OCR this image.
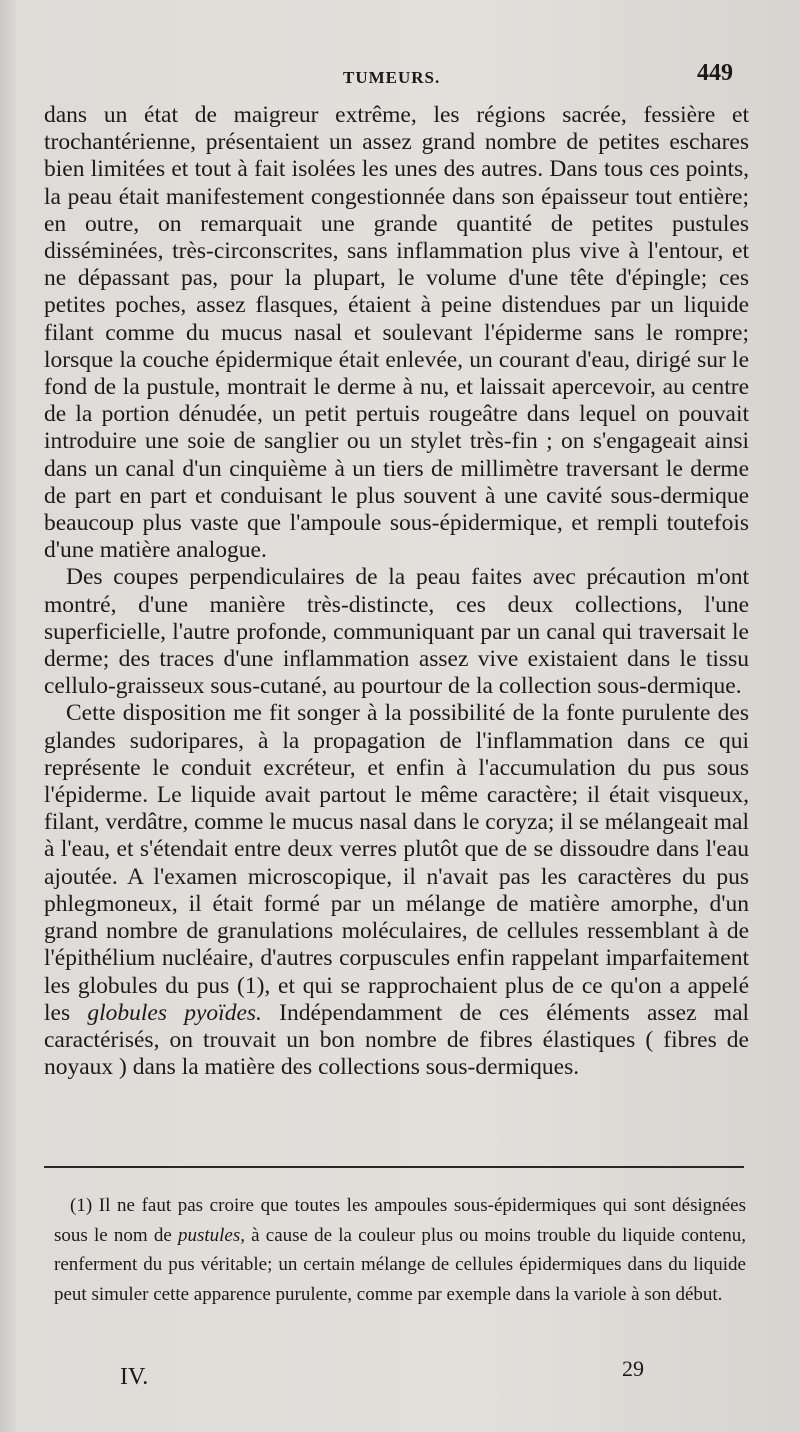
TUMEURS.	449

dans un état de maigreur extrême, les régions sacrée, fessière et trochantérienne, présentaient un assez grand nombre de petites eschares bien limitées et tout à fait isolées les unes des autres. Dans tous ces points, la peau était manifestement congestionnée dans son épaisseur tout entière; en outre, on remarquait une grande quantité de petites pustules disséminées, très-circonscrites, sans inflammation plus vive à l'entour, et ne dépassant pas, pour la plupart, le volume d'une tête d'épingle; ces petites poches, assez flasques, étaient à peine distendues par un liquide filant comme du mucus nasal et soulevant l'épiderme sans le rompre; lorsque la couche épidermique était enlevée, un courant d'eau, dirigé sur le fond de la pustule, montrait le derme à nu, et laissait apercevoir, au centre de la portion dénudée, un petit pertuis rougeâtre dans lequel on pouvait introduire une soie de sanglier ou un stylet très-fin ; on s'engageait ainsi dans un canal d'un cinquième à un tiers de millimètre traversant le derme de part en part et conduisant le plus souvent à une cavité sous-dermique beaucoup plus vaste que l'ampoule sous-épidermique, et rempli toutefois d'une matière analogue.

Des coupes perpendiculaires de la peau faites avec précaution m'ont montré, d'une manière très-distincte, ces deux collections, l'une superficielle, l'autre profonde, communiquant par un canal qui traversait le derme; des traces d'une inflammation assez vive existaient dans le tissu cellulo-graisseux sous-cutané, au pourtour de la collection sous-dermique.

Cette disposition me fit songer à la possibilité de la fonte purulente des glandes sudoripares, à la propagation de l'inflammation dans ce qui représente le conduit excréteur, et enfin à l'accumulation du pus sous l'épiderme. Le liquide avait partout le même caractère; il était visqueux, filant, verdâtre, comme le mucus nasal dans le coryza; il se mélangeait mal à l'eau, et s'étendait entre deux verres plutôt que de se dissoudre dans l'eau ajoutée. A l'examen microscopique, il n'avait pas les caractères du pus phlegmoneux, il était formé par un mélange de matière amorphe, d'un grand nombre de granulations moléculaires, de cellules ressemblant à de l'épithélium nucléaire, d'autres corpuscules enfin rappelant imparfaitement les globules du pus (1), et qui se rapprochaient plus de ce qu'on a appelé les globules pyoïdes. Indépendamment de ces éléments assez mal caractérisés, on trouvait un bon nombre de fibres élastiques ( fibres de noyaux ) dans la matière des collections sous-dermiques.

(1) Il ne faut pas croire que toutes les ampoules sous-épidermiques qui sont désignées sous le nom de pustules, à cause de la couleur plus ou moins trouble du liquide contenu, renferment du pus véritable; un certain mélange de cellules épidermiques dans du liquide peut simuler cette apparence purulente, comme par exemple dans la variole à son début.

IV.	29
